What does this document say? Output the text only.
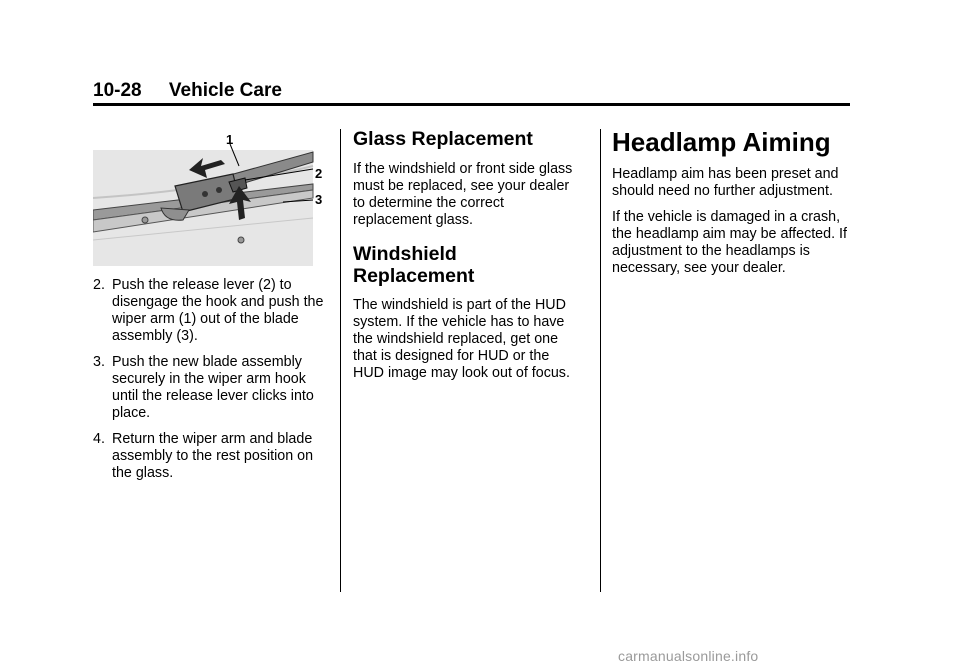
10-28 Vehicle Care
1
2
3
2. Push the release lever (2) to disengage the hook and push the wiper arm (1) out of the blade assembly (3).
3. Push the new blade assembly securely in the wiper arm hook until the release lever clicks into place.
4. Return the wiper arm and blade assembly to the rest position on the glass.
Glass Replacement

If the windshield or front side glass must be replaced, see your dealer to determine the correct replacement glass.

Windshield Replacement

The windshield is part of the HUD system. If the vehicle has to have the windshield replaced, get one that is designed for HUD or the HUD image may look out of focus.

Headlamp Aiming

Headlamp aim has been preset and should need no further adjustment.

If the vehicle is damaged in a crash, the headlamp aim may be affected. If adjustment to the headlamps is necessary, see your dealer.

carmanualsonline.info
